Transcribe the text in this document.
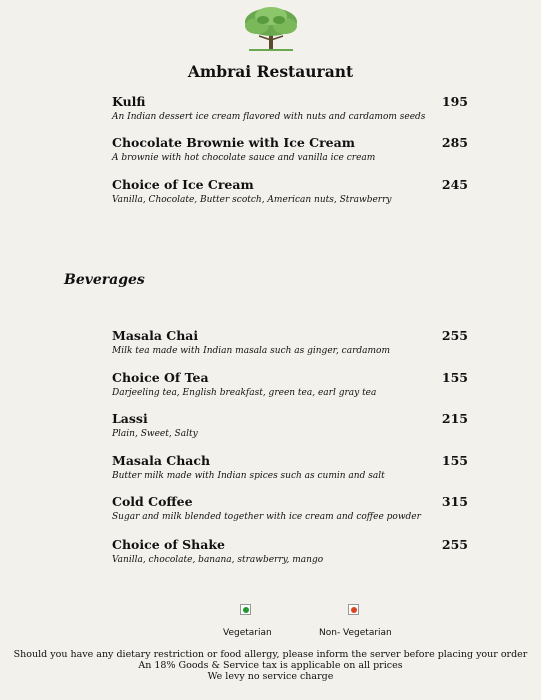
Ambrai Restaurant
Kulfi
An Indian dessert ice cream flavored with nuts and cardamom seeds
195
Chocolate Brownie with Ice Cream
A brownie with hot chocolate sauce and vanilla ice cream
285
Choice of Ice Cream
Vanilla, Chocolate, Butter scotch, American nuts, Strawberry
245
Beverages
Masala Chai
Milk tea made with Indian masala such as ginger, cardamom
255
Choice Of Tea
Darjeeling tea, English breakfast, green tea, earl gray tea
155
Lassi
Plain, Sweet, Salty
215
Masala Chach
Butter milk made with Indian spices such as cumin and salt
155
Cold Coffee
Sugar and milk blended together with ice cream and coffee powder
315
Choice of Shake
Vanilla, chocolate, banana, strawberry, mango
255
Vegetarian	Non- Vegetarian
Should you have any dietary restriction or food allergy, please inform the server before placing your order
An 18% Goods & Service tax is applicable on all prices
We levy no service charge
